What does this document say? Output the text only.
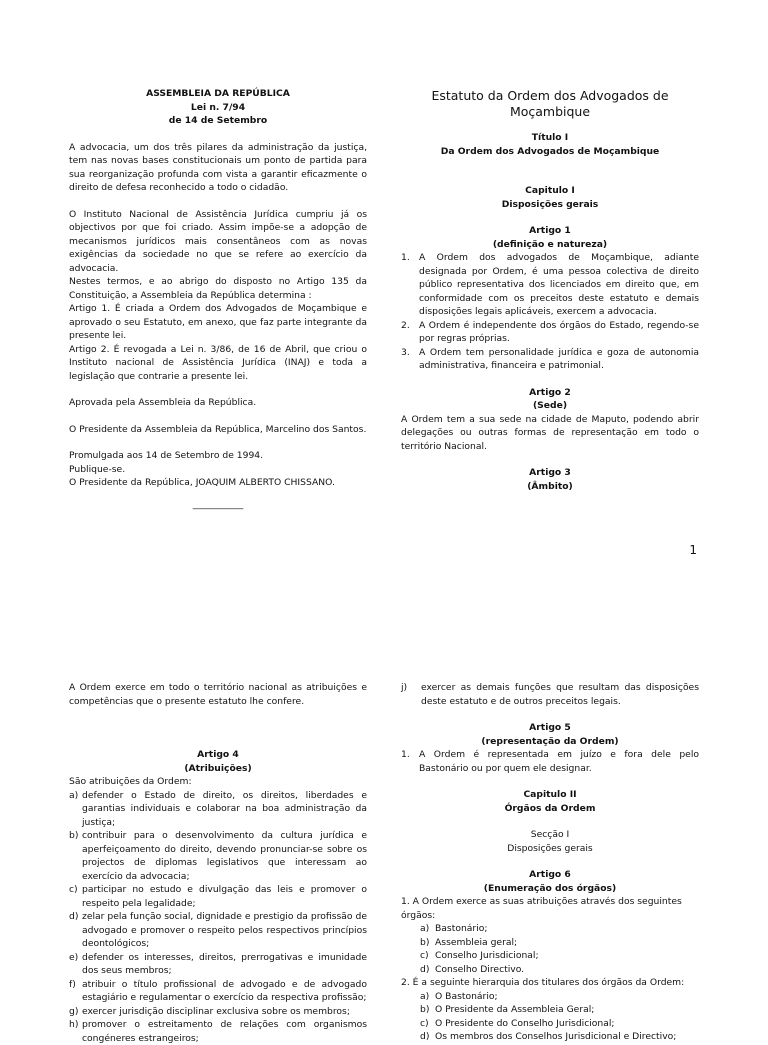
ASSEMBLEIA DA REPÚBLICA

Lei n. 7/94

de 14 de Setembro

A advocacia, um dos três pilares da administração da justiça, tem nas novas bases constitucionais um ponto de partida para sua reorganização profunda com vista a garantir eficazmente o direito de defesa reconhecido a todo o cidadão.

O Instituto Nacional de Assistência Jurídica cumpriu já os objectivos por que foi criado. Assim impõe-se a adopção de mecanismos jurídicos mais consentâneos com as novas exigências da sociedade no que se refere ao exercício da advocacia.

Nestes termos, e ao abrigo do disposto no Artigo 135 da Constituição, a Assembleia da República determina :

Artigo 1. É criada a Ordem dos Advogados de Moçambique e aprovado o seu Estatuto, em anexo, que faz parte integrante da presente lei.

Artigo 2. É revogada a Lei n. 3/86, de 16 de Abril, que criou o Instituto nacional de Assistência Jurídica (INAJ) e toda a legislação que contrarie a presente lei.

Aprovada pela Assembleia da República.

O Presidente da Assembleia da República, Marcelino dos Santos.

Promulgada aos 14 de Setembro de 1994.

Publique-se.

O Presidente da República, JOAQUIM ALBERTO CHISSANO.

___________

Estatuto da Ordem dos Advogados de Moçambique

Título I

Da Ordem dos Advogados de Moçambique

Capitulo I

Disposições gerais

Artigo 1

(definição e natureza)

1. A Ordem dos advogados de Moçambique, adiante designada por Ordem, é uma pessoa colectiva de direito público representativa dos licenciados em direito que, em conformidade com os preceitos deste estatuto e demais disposições legais aplicáveis, exercem a advocacia.
2. A Ordem é independente dos órgãos do Estado, regendo-se por regras próprias.
3. A Ordem tem personalidade jurídica e goza de autonomia administrativa, financeira e patrimonial.

Artigo 2

(Sede)

A Ordem tem a sua sede na cidade de Maputo, podendo abrir delegações ou outras formas de representação em todo o território Nacional.

Artigo 3

(Âmbito)

1

A Ordem exerce em todo o território nacional as atribuições e competências que o presente estatuto lhe confere.

Artigo 4

(Atribuições)

São atribuições da Ordem:

a) defender o Estado de direito, os direitos, liberdades e garantias individuais e colaborar na boa administração da justiça;
b) contribuir para o desenvolvimento da cultura jurídica e aperfeiçoamento do direito, devendo pronunciar-se sobre os projectos de diplomas legislativos que interessam ao exercício da advocacia;
c) participar no estudo e divulgação das leis e promover o respeito pela legalidade;
d) zelar pela função social, dignidade e prestigio da profissão de advogado e promover o respeito pelos respectivos princípios deontológicos;
e) defender os interesses, direitos, prerrogativas e imunidade dos seus membros;
f) atribuir o título profissional de advogado e de advogado estagiário e regulamentar o exercício da respectiva profissão;
g) exercer jurisdição disciplinar exclusiva sobre os membros;
h) promover o estreitamento de relações com organismos congéneres estrangeiros;
j) exercer as demais funções que resultam das disposições deste estatuto e de outros preceitos legais.

Artigo 5

(representação da Ordem)

1. A Ordem é representada em juízo e fora dele pelo Bastonário ou por quem ele designar.

Capitulo II

Órgãos da Ordem

Secção I

Disposições gerais

Artigo 6

(Enumeração dos órgãos)

1. A Ordem exerce as suas atribuições através dos seguintes órgãos:

a) Bastonário;
b) Assembleia geral;
c) Conselho Jurisdicional;
d) Conselho Directivo.

2. É a seguinte hierarquia dos titulares dos órgãos da Ordem:

a) O Bastonário;
b) O Presidente da Assembleia Geral;
c) O Presidente do Conselho Jurisdicional;
d) Os membros dos Conselhos Jurisdicional e Directivo;
